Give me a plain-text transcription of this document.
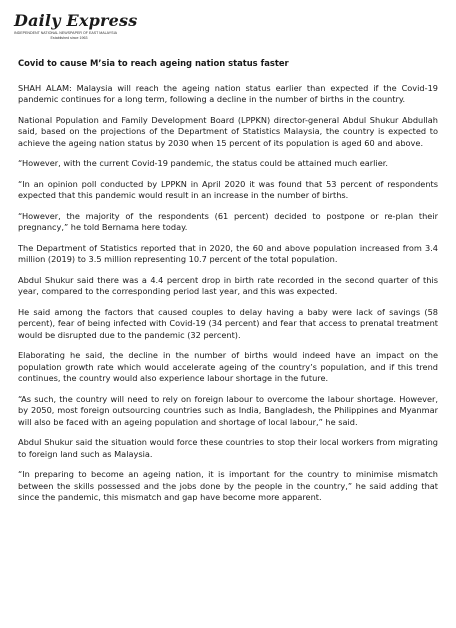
Daily Express
INDEPENDENT NATIONAL NEWSPAPER OF EAST MALAYSIA
Established since 1963
Covid to cause M’sia to reach ageing nation status faster

SHAH ALAM: Malaysia will reach the ageing nation status earlier than expected if the Covid-19 pandemic continues for a long term, following a decline in the number of births in the country.

National Population and Family Development Board (LPPKN) director-general Abdul Shukur Abdullah said, based on the projections of the Department of Statistics Malaysia, the country is expected to achieve the ageing nation status by 2030 when 15 percent of its population is aged 60 and above.

“However, with the current Covid-19 pandemic, the status could be attained much earlier.

“In an opinion poll conducted by LPPKN in April 2020 it was found that 53 percent of respondents expected that this pandemic would result in an increase in the number of births.

“However, the majority of the respondents (61 percent) decided to postpone or re-plan their pregnancy,” he told Bernama here today.

The Department of Statistics reported that in 2020, the 60 and above population increased from 3.4 million (2019) to 3.5 million representing 10.7 percent of the total population.

Abdul Shukur said there was a 4.4 percent drop in birth rate recorded in the second quarter of this year, compared to the corresponding period last year, and this was expected.

He said among the factors that caused couples to delay having a baby were lack of savings (58 percent), fear of being infected with Covid-19 (34 percent) and fear that access to prenatal treatment would be disrupted due to the pandemic (32 percent).

Elaborating he said, the decline in the number of births would indeed have an impact on the population growth rate which would accelerate ageing of the country’s population, and if this trend continues, the country would also experience labour shortage in the future.

“As such, the country will need to rely on foreign labour to overcome the labour shortage. However, by 2050, most foreign outsourcing countries such as India, Bangladesh, the Philippines and Myanmar will also be faced with an ageing population and shortage of local labour,” he said.

Abdul Shukur said the situation would force these countries to stop their local workers from migrating to foreign land such as Malaysia.

“In preparing to become an ageing nation, it is important for the country to minimise mismatch between the skills possessed and the jobs done by the people in the country,” he said adding that since the pandemic, this mismatch and gap have become more apparent.
